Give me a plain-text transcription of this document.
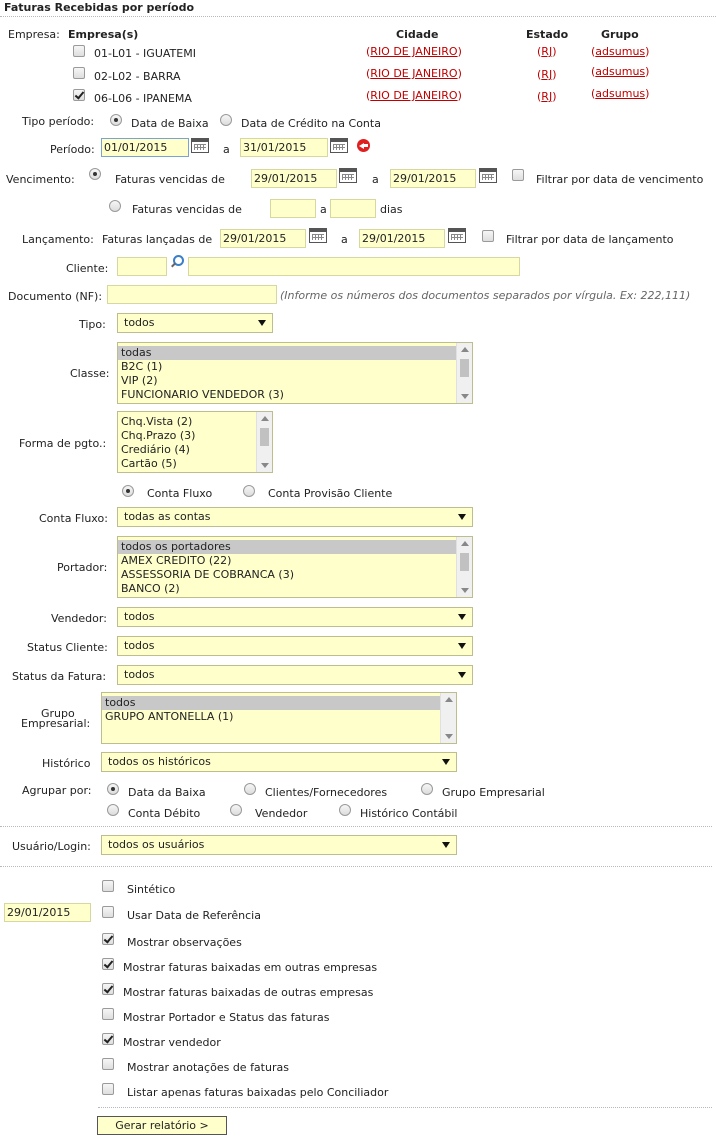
Faturas Recebidas por período
Empresa: Empresa(s)	Cidade	Estado	Grupo
01-L01 - IGUATEMI	(RIO DE JANEIRO)	(RJ)	(adsumus)
02-L02 - BARRA	(RIO DE JANEIRO)	(RJ)	(adsumus)
06-L06 - IPANEMA	(RIO DE JANEIRO)	(RJ)	(adsumus)
Tipo período:	Data de Baixa	Data de Crédito na Conta
Período: 01/01/2015	a 31/01/2015
Vencimento:	Faturas vencidas de	29/01/2015	a 29/01/2015	Filtrar por data de vencimento
Faturas vencidas de	a	dias
Lançamento: Faturas lançadas de 29/01/2015	a 29/01/2015	Filtrar por data de lançamento
Cliente:
Documento (NF):	(Informe os números dos documentos separados por vírgula. Ex: 222,111)
Tipo:	todos
Classe:
todas
B2C (1)
VIP (2)
FUNCIONARIO VENDEDOR (3)
Forma de pgto.:
Chq.Vista (2)
Chq.Prazo (3)
Crediário (4)
Cartão (5)
Conta Fluxo	Conta Provisão Cliente
Conta Fluxo:	todas as contas
Portador:
todos os portadores
AMEX CREDITO (22)
ASSESSORIA DE COBRANCA (3)
BANCO (2)
Vendedor:	todos
Status Cliente:	todos
Status da Fatura:	todos
Grupo
Empresarial:
todos
GRUPO ANTONELLA (1)
Histórico	todos os históricos
Agrupar por:	Data da Baixa	Clientes/Fornecedores	Grupo Empresarial
Conta Débito	Vendedor	Histórico Contábil
Usuário/Login:	todos os usuários
Sintético
29/01/2015	Usar Data de Referência
Mostrar observações
Mostrar faturas baixadas em outras empresas
Mostrar faturas baixadas de outras empresas
Mostrar Portador e Status das faturas
Mostrar vendedor
Mostrar anotações de faturas
Listar apenas faturas baixadas pelo Conciliador
Gerar relatório >
